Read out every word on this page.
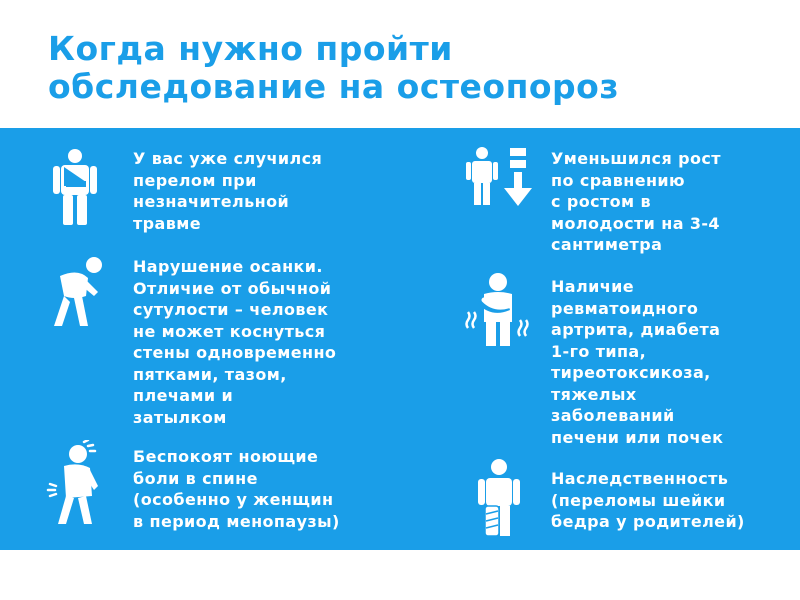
Когда нужно пройти
обследование на остеопороз
У вас уже случился
перелом при
незначительной
травме
Нарушение осанки.
Отличие от обычной
сутулости – человек
не может коснуться
стены одновременно
пятками, тазом,
плечами и
затылком
Беспокоят ноющие
боли в спине
(особенно у женщин
в период менопаузы)
Уменьшился рост
по сравнению
с ростом в
молодости на 3-4
сантиметра
Наличие
ревматоидного
артрита, диабета
1-го типа,
тиреотоксикоза,
тяжелых
заболеваний
печени или почек
Наследственность
(переломы шейки
бедра у родителей)
